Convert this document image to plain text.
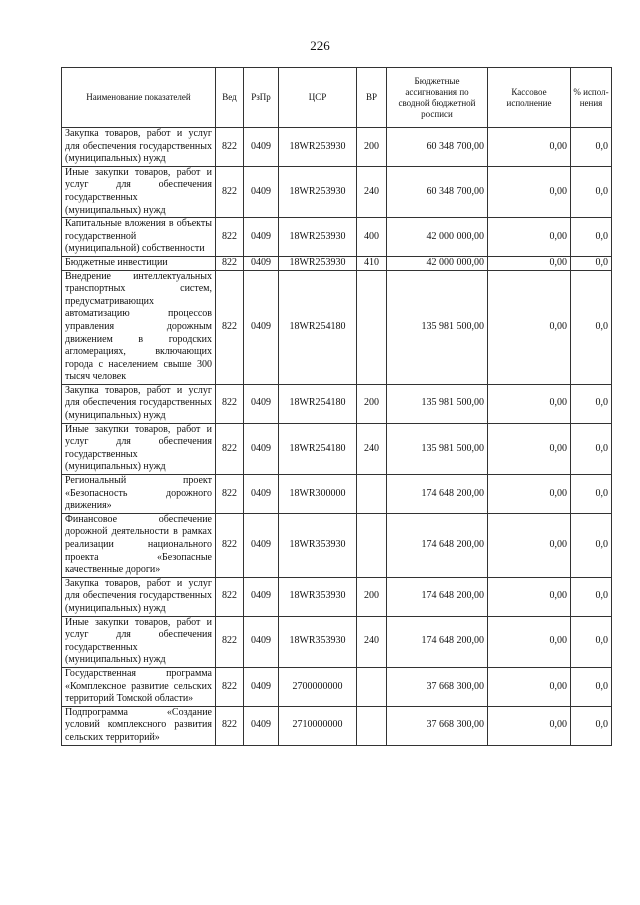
226
Наименование показателей	Вед	РзПр	ЦСР	ВР	Бюджетные ассигнования по сводной бюджетной росписи	Кассовое исполнение	% испол-нения
Закупка товаров, работ и услуг для обеспечения государственных (муниципальных) нужд	822	0409	18WR253930	200	60 348 700,00	0,00	0,0
Иные закупки товаров, работ и услуг для обеспечения государственных (муниципальных) нужд	822	0409	18WR253930	240	60 348 700,00	0,00	0,0
Капитальные вложения в объекты государственной (муниципальной) собственности	822	0409	18WR253930	400	42 000 000,00	0,00	0,0
Бюджетные инвестиции	822	0409	18WR253930	410	42 000 000,00	0,00	0,0
Внедрение интеллектуальных транспортных систем, предусматривающих автоматизацию процессов управления дорожным движением в городских агломерациях, включающих города с населением свыше 300 тысяч человек	822	0409	18WR254180		135 981 500,00	0,00	0,0
Закупка товаров, работ и услуг для обеспечения государственных (муниципальных) нужд	822	0409	18WR254180	200	135 981 500,00	0,00	0,0
Иные закупки товаров, работ и услуг для обеспечения государственных (муниципальных) нужд	822	0409	18WR254180	240	135 981 500,00	0,00	0,0
Региональный проект «Безопасность дорожного движения»	822	0409	18WR300000		174 648 200,00	0,00	0,0
Финансовое обеспечение дорожной деятельности в рамках реализации национального проекта «Безопасные качественные дороги»	822	0409	18WR353930		174 648 200,00	0,00	0,0
Закупка товаров, работ и услуг для обеспечения государственных (муниципальных) нужд	822	0409	18WR353930	200	174 648 200,00	0,00	0,0
Иные закупки товаров, работ и услуг для обеспечения государственных (муниципальных) нужд	822	0409	18WR353930	240	174 648 200,00	0,00	0,0
Государственная программа «Комплексное развитие сельских территорий Томской области»	822	0409	2700000000		37 668 300,00	0,00	0,0
Подпрограмма «Создание условий комплексного развития сельских территорий»	822	0409	2710000000		37 668 300,00	0,00	0,0
